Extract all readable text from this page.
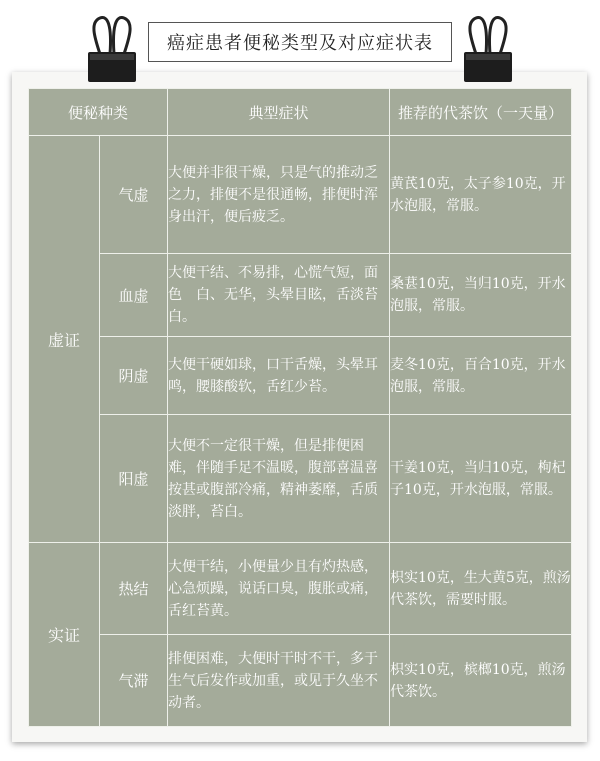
癌症患者便秘类型及对应症状表
便秘种类		典型症状	推荐的代茶饮（一天量）
虚证	气虚	大便并非很干燥，只是气的推动乏之力，排便不是很通畅，排便时浑身出汗，便后疲乏。	黄芪10克，太子参10克，开水泡服，常服。
	血虚	大便干结、不易排，心慌气短，面色　白、无华，头晕目眩，舌淡苔白。	桑葚10克，当归10克，开水泡服，常服。
	阴虚	大便干硬如球，口干舌燥，头晕耳鸣，腰膝酸软，舌红少苔。	麦冬10克，百合10克，开水泡服，常服。
	阳虚	大便不一定很干燥，但是排便困难，伴随手足不温暖，腹部喜温喜按甚或腹部冷痛，精神萎靡，舌质淡胖，苔白。	干姜10克，当归10克，枸杞子10克，开水泡服，常服。
实证	热结	大便干结，小便量少且有灼热感，心急烦躁，说话口臭，腹胀或痛，舌红苔黄。	枳实10克，生大黄5克，煎汤代茶饮，需要时服。
	气滞	排便困难，大便时干时不干，多于生气后发作或加重，或见于久坐不动者。	枳实10克，槟榔10克，煎汤代茶饮。
